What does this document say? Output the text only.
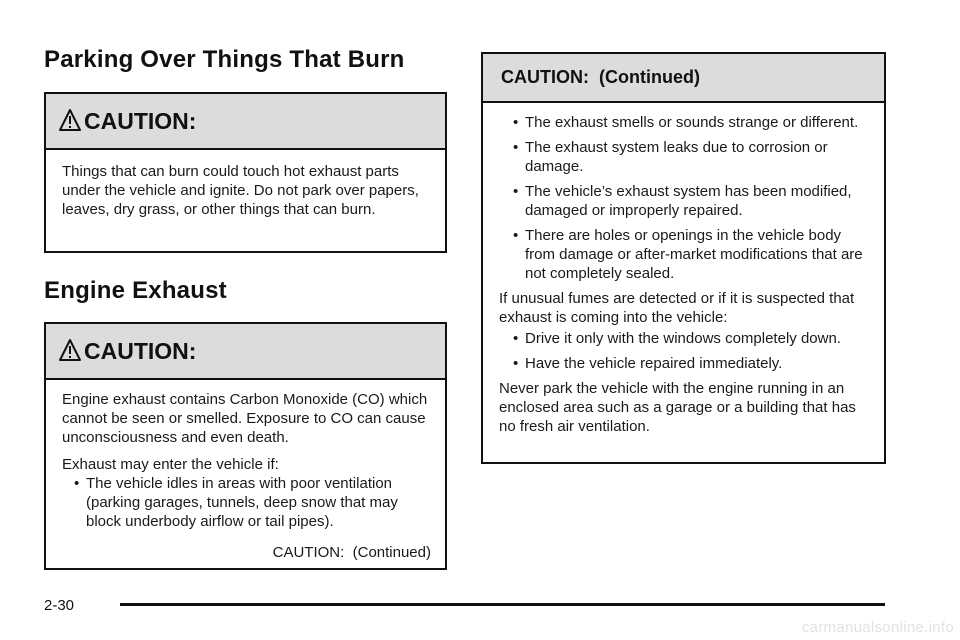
Parking Over Things That Burn
CAUTION:

Things that can burn could touch hot exhaust parts under the vehicle and ignite. Do not park over papers, leaves, dry grass, or other things that can burn.

Engine Exhaust
CAUTION:

Engine exhaust contains Carbon Monoxide (CO) which cannot be seen or smelled. Exposure to CO can cause unconsciousness and even death.

Exhaust may enter the vehicle if:

• The vehicle idles in areas with poor ventilation (parking garages, tunnels, deep snow that may block underbody airflow or tail pipes).

CAUTION:  (Continued)

CAUTION:  (Continued)
• The exhaust smells or sounds strange or different.
• The exhaust system leaks due to corrosion or damage.
• The vehicle’s exhaust system has been modified, damaged or improperly repaired.
• There are holes or openings in the vehicle body from damage or after-market modifications that are not completely sealed.

If unusual fumes are detected or if it is suspected that exhaust is coming into the vehicle:

• Drive it only with the windows completely down.
• Have the vehicle repaired immediately.

Never park the vehicle with the engine running in an enclosed area such as a garage or a building that has no fresh air ventilation.

2-30
carmanualsonline.info
